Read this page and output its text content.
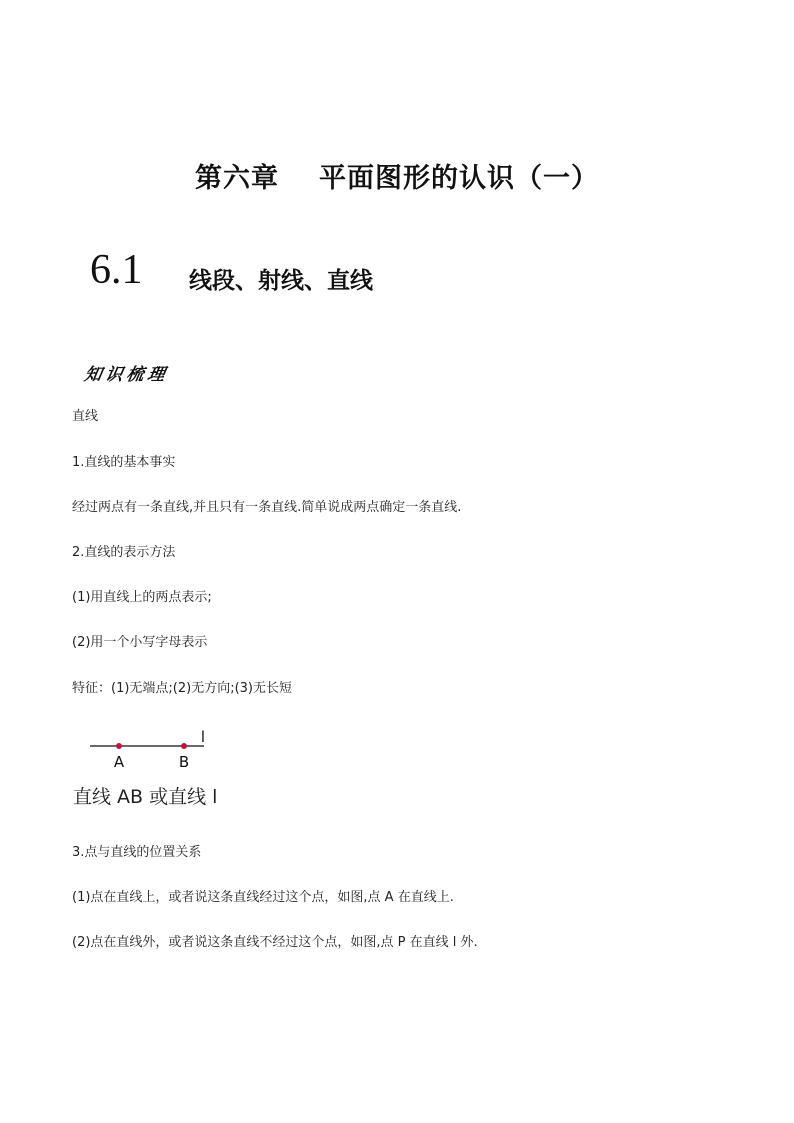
第六章 平面图形的认识（一）
6.1 线段、射线、直线
知识梳理
直线
1.直线的基本事实
经过两点有一条直线,并且只有一条直线.简单说成两点确定一条直线.
2.直线的表示方法
(1)用直线上的两点表示;
(2)用一个小写字母表示
特征：(1)无端点;(2)无方向;(3)无长短
A	B
l
直线 AB 或直线 l
3.点与直线的位置关系
(1)点在直线上，或者说这条直线经过这个点，如图,点 A 在直线上.
(2)点在直线外，或者说这条直线不经过这个点，如图,点 P 在直线 l 外.
